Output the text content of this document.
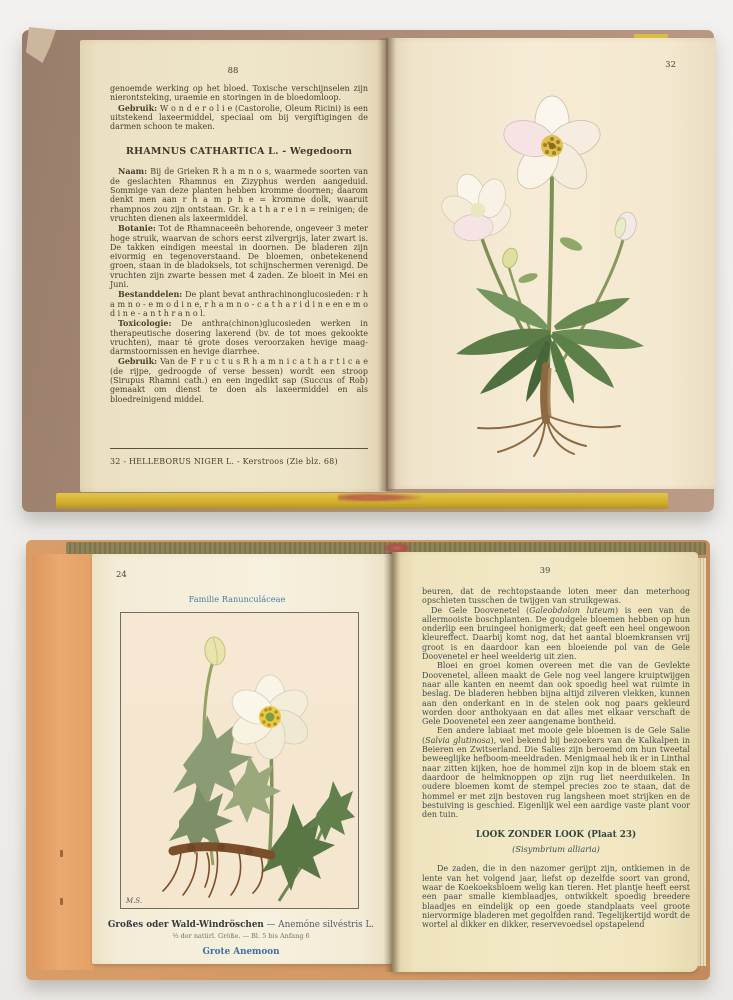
88

genoemde werking op het bloed. Toxische verschijnselen zijn nierontsteking, uraemie en storingen in de bloedomloop.

Gebruik: W o n d e r o l i e (Castorolie, Oleum Ricini) is een uitstekend laxeermiddel, speciaal om bij vergiftigingen de darmen schoon te maken.

RHAMNUS CATHARTICA L. - Wegedoorn

Naam: Bij de Grieken R h a m n o s, waarmede soorten van de geslachten Rhamnus en Zizyphus werden aangeduid. Sommige van deze planten hebben kromme doornen; daarom denkt men aan r h a m p h e = kromme dolk, waaruit rhampnos zou zijn ontstaan. Gr. k a t h a r e i n = reinigen; de vruchten dienen als laxeermiddel.

Botanie: Tot de Rhamnaceeën behorende, ongeveer 3 meter hoge struik, waarvan de schors eerst zilvergrijs, later zwart is. De takken eindigen meestal in doornen. De bladeren zijn eivormig en tegenoverstaand. De bloemen, onbetekenend groen, staan in de bladoksels, tot schijnschermen verenigd. De vruchten zijn zwarte bessen met 4 zaden. Ze bloeit in Mei en Juni.

Bestanddelen: De plant bevat anthrachinonglucosieden: r h a m n o - e m o d i n e, r h a m n o - c a t h a r i d i n e en e m o d i n e - a n t h r a n o l.

Toxicologie: De anthra(chinon)glucosieden werken in therapeutische dosering laxerend (bv. de tot moes gekookte vruchten), maar té grote doses veroorzaken hevige maag-darmstoornissen en hevige diarrhee.

Gebruik: Van de F r u c t u s R h a m n i c a t h a r t i c a e (de rijpe, gedroogde of verse bessen) wordt een stroop (Sirupus Rhamni cath.) en een ingedikt sap (Succus of Rob) gemaakt om dienst te doen als laxeermiddel en als bloedreinigend middel.

32 - HELLEBORUS NIGER L. - Kerstroos (Zie blz. 68)
32
24
Familie Ranunculáceae
M.S.
Großes oder Wald-Windröschen — Anemóne silvéstris L.
⅔ der natürl. Größe. — Bl. 5 bis Anfang 6
Grote Anemoon
39

beuren, dat de rechtopstaande loten meer dan meterhoog opschieten tusschen de twijgen van struikgewas.

De Gele Doovenetel (Galeobdolon luteum) is een van de allermooiste boschplanten. De goudgele bloemen hebben op hun onderlip een bruingeel honigmerk; dat geeft een heel ongewoon kleureffect. Daarbij komt nog, dat het aantal bloemkransen vrij groot is en daardoor kan een bloeiende pol van de Gele Doovenetel er heel weelderig uit zien.

Bloei en groei komen overeen met die van de Gevlekte Doovenetel, alleen maakt de Gele nog veel langere kruiptwijgen naar alle kanten en neemt dan ook spoedig heel wat ruimte in beslag. De bladeren hebben bijna altijd zilveren vlekken, kunnen aan den onderkant en in de stelen ook nog paars gekleurd worden door anthokyaan en dat alles met elkaar verschaft de Gele Doovenetel een zeer aangename bontheid.

Een andere labiaat met mooie gele bloemen is de Gele Salie (Salvia glutinosa), wel bekend bij bezoekers van de Kalkalpen in Beieren en Zwitserland. Die Salies zijn beroemd om hun tweetal beweeglijke hefboom-meeldraden. Menigmaal heb ik er in Linthal naar zitten kijken, hoe de hommel zijn kop in de bloem stak en daardoor de helmknoppen op zijn rug liet neerduikelen. In oudere bloemen komt de stempel precies zoo te staan, dat de hommel er met zijn bestoven rug langsheen moet strijken en de bestuiving is geschied. Eigenlijk wel een aardige vaste plant voor den tuin.

LOOK ZONDER LOOK (Plaat 23)
(Sisymbrium alliaria)

De zaden, die in den nazomer gerijpt zijn, ontkiemen in de lente van het volgend jaar, liefst op dezelfde soort van grond, waar de Koekoeksbloem welig kan tieren. Het plantje heeft eerst een paar smalle kiemblaadjes, ontwikkelt spoedig breedere blaadjes en eindelijk op een goede standplaats veel groote niervormige bladeren met gegolfden rand. Tegelijkertijd wordt de wortel al dikker en dikker, reservevoedsel opstapelend
